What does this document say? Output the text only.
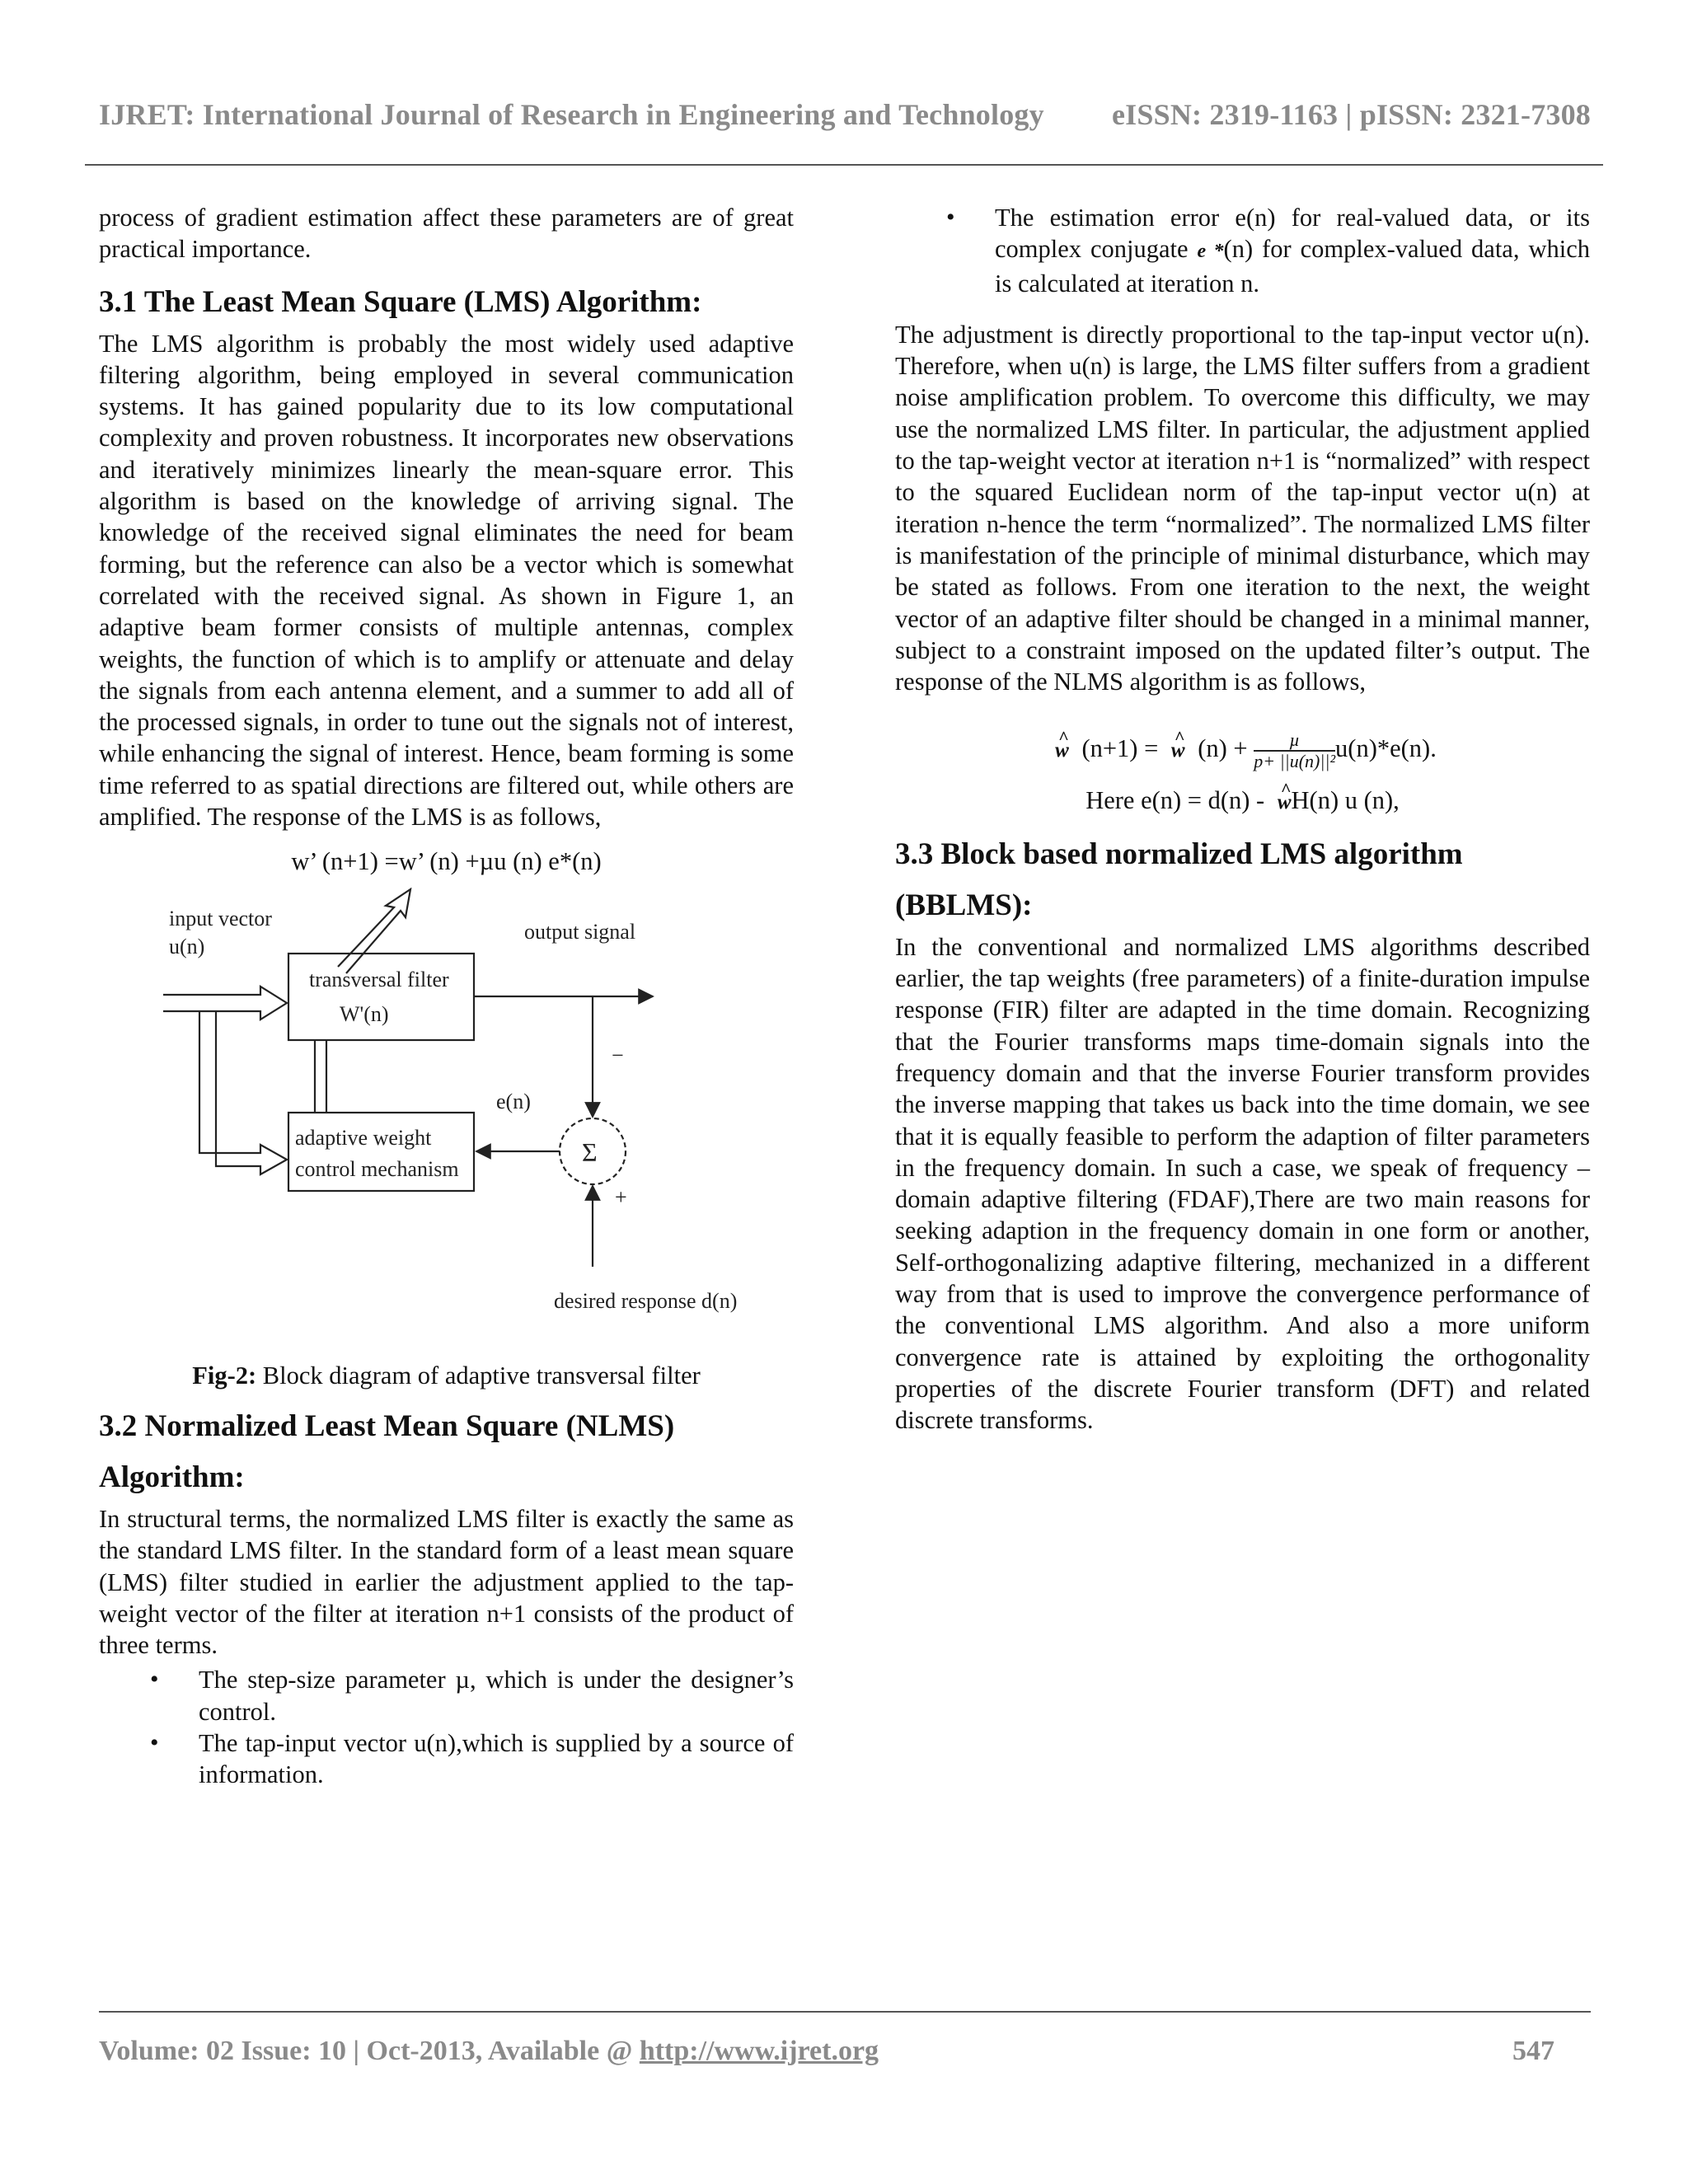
IJRET: International Journal of Research in Engineering and Technology eISSN: 2319-1163 | pISSN: 2321-7308

process of gradient estimation affect these parameters are of great practical importance.

3.1 The Least Mean Square (LMS) Algorithm:

The LMS algorithm is probably the most widely used adaptive filtering algorithm, being employed in several communication systems. It has gained popularity due to its low computational complexity and proven robustness. It incorporates new observations and iteratively minimizes linearly the mean-square error. This algorithm is based on the knowledge of arriving signal. The knowledge of the received signal eliminates the need for beam forming, but the reference can also be a vector which is somewhat correlated with the received signal. As shown in Figure 1, an adaptive beam former consists of multiple antennas, complex weights, the function of which is to amplify or attenuate and delay the signals from each antenna element, and a summer to add all of the processed signals, in order to tune out the signals not of interest, while enhancing the signal of interest. Hence, beam forming is some time referred to as spatial directions are filtered out, while others are amplified. The response of the LMS is as follows,

w’ (n+1) =w’ (n) +µu (n) e*(n)

input vector
u(n)
transversal filter
W'(n)
output signal
adaptive weight
control mechanism
e(n)
Σ
−
+
desired response d(n)

Fig-2: Block diagram of adaptive transversal filter

3.2 Normalized Least Mean Square (NLMS)
Algorithm:

In structural terms, the normalized LMS filter is exactly the same as the standard LMS filter. In the standard form of a least mean square (LMS) filter studied in earlier the adjustment applied to the tap-weight vector of the filter at iteration n+1 consists of the product of three terms.

• The step-size parameter µ, which is under the designer’s control.
• The tap-input vector u(n),which is supplied by a source of information.
• The estimation error e(n) for real-valued data, or its complex conjugate e *(n) for complex-valued data, which is calculated at iteration n.

The adjustment is directly proportional to the tap-input vector u(n). Therefore, when u(n) is large, the LMS filter suffers from a gradient noise amplification problem. To overcome this difficulty, we may use the normalized LMS filter. In particular, the adjustment applied to the tap-weight vector at iteration n+1 is “normalized” with respect to the squared Euclidean norm of the tap-input vector u(n) at iteration n-hence the term “normalized”. The normalized LMS filter is manifestation of the principle of minimal disturbance, which may be stated as follows. From one iteration to the next, the weight vector of an adaptive filter should be changed in a minimal manner, subject to a constraint imposed on the updated filter’s output. The response of the NLMS algorithm is as follows,

^ w (n+1) = ^ w $(n) + \frac{\text{µ}}{\text{p+ ||u(n)||²}} u(n)*e(n)$.

Here e(n) = d(n) - ^ wH(n) u (n),

3.3 Block based normalized LMS algorithm
(BBLMS):

In the conventional and normalized LMS algorithms described earlier, the tap weights (free parameters) of a finite-duration impulse response (FIR) filter are adapted in the time domain. Recognizing that the Fourier transforms maps time-domain signals into the frequency domain and that the inverse Fourier transform provides the inverse mapping that takes us back into the time domain, we see that it is equally feasible to perform the adaption of filter parameters in the frequency domain. In such a case, we speak of frequency –domain adaptive filtering (FDAF),There are two main reasons for seeking adaption in the frequency domain in one form or another, Self-orthogonalizing adaptive filtering, mechanized in a different way from that is used to improve the convergence performance of the conventional LMS algorithm. And also a more uniform convergence rate is attained by exploiting the orthogonality properties of the discrete Fourier transform (DFT) and related discrete transforms.

Volume: 02 Issue: 10 | Oct-2013, Available @ http://www.ijret.org	547
